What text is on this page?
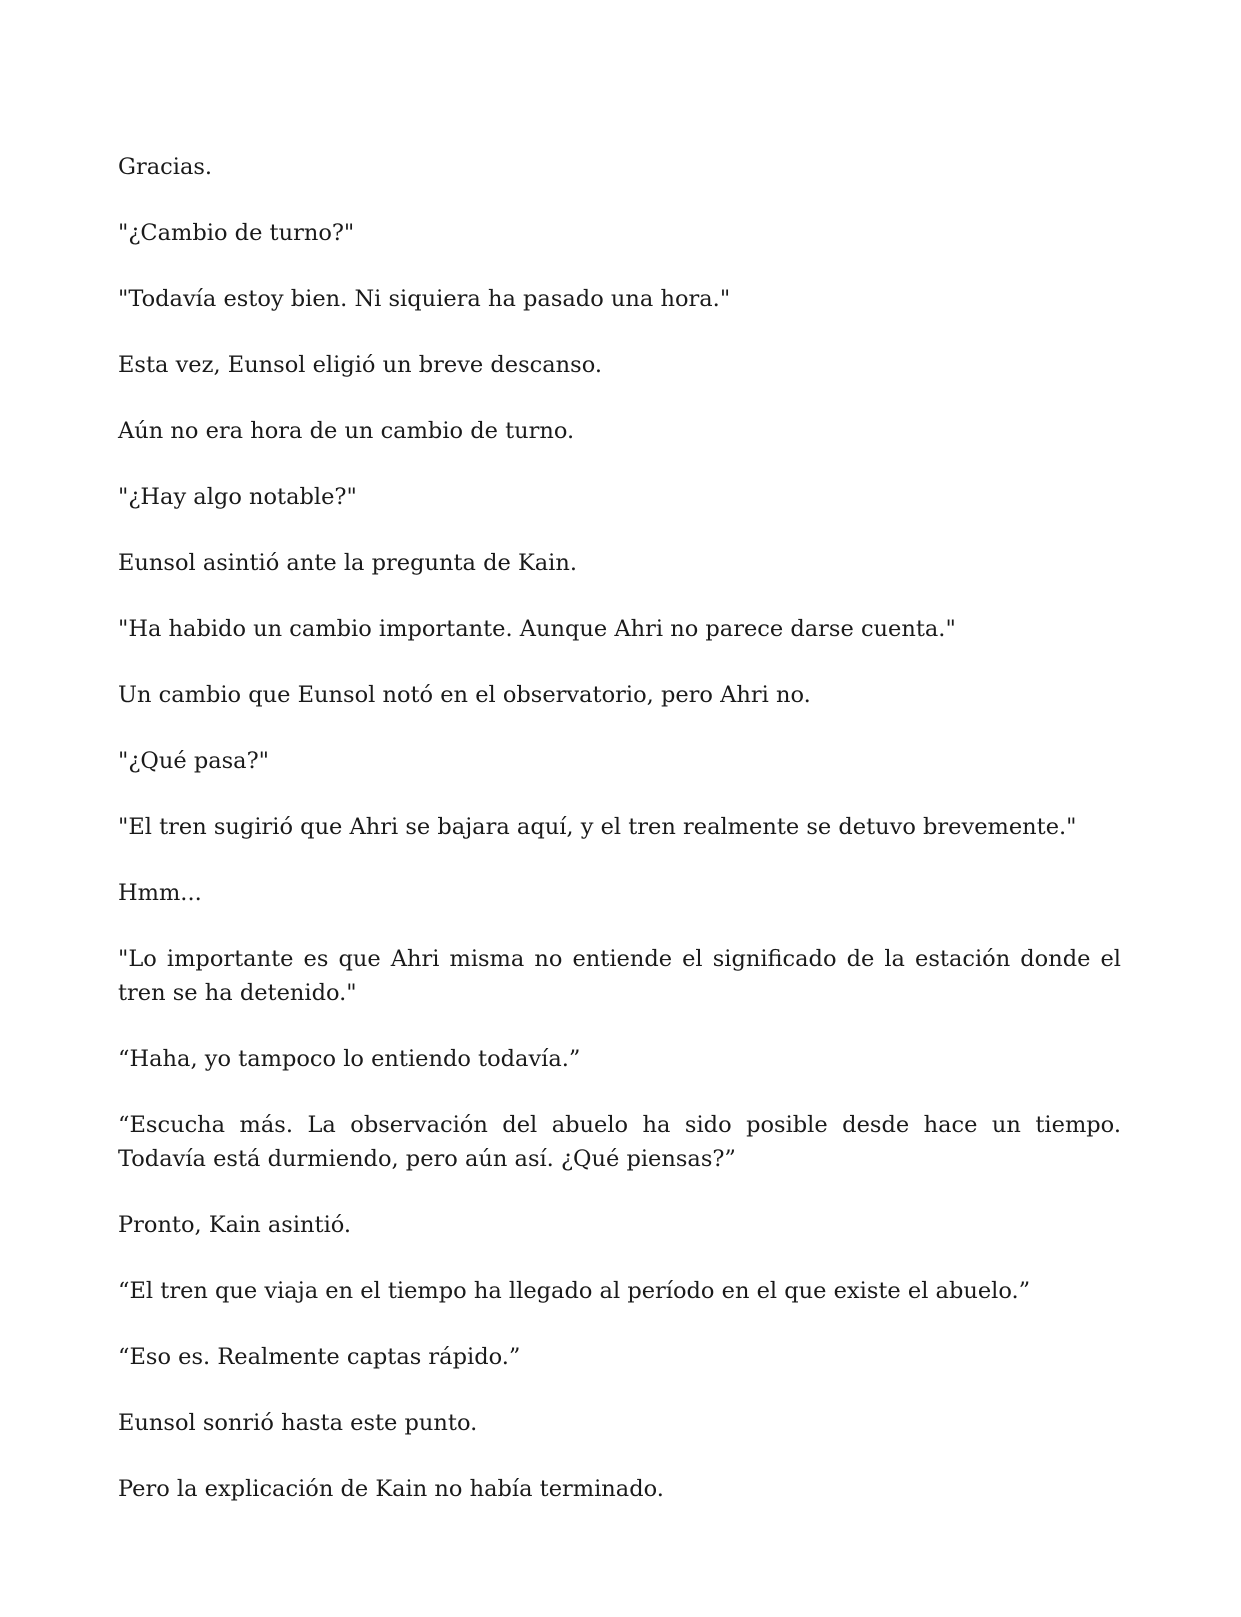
Gracias.

"¿Cambio de turno?"

"Todavía estoy bien. Ni siquiera ha pasado una hora."

Esta vez, Eunsol eligió un breve descanso.

Aún no era hora de un cambio de turno.

"¿Hay algo notable?"

Eunsol asintió ante la pregunta de Kain.

"Ha habido un cambio importante. Aunque Ahri no parece darse cuenta."

Un cambio que Eunsol notó en el observatorio, pero Ahri no.

"¿Qué pasa?"

"El tren sugirió que Ahri se bajara aquí, y el tren realmente se detuvo brevemente."

Hmm...

"Lo importante es que Ahri misma no entiende el significado de la estación donde el tren se ha detenido."

“Haha, yo tampoco lo entiendo todavía.”

“Escucha más. La observación del abuelo ha sido posible desde hace un tiempo. Todavía está durmiendo, pero aún así. ¿Qué piensas?”

Pronto, Kain asintió.

“El tren que viaja en el tiempo ha llegado al período en el que existe el abuelo.”

“Eso es. Realmente captas rápido.”

Eunsol sonrió hasta este punto.

Pero la explicación de Kain no había terminado.
